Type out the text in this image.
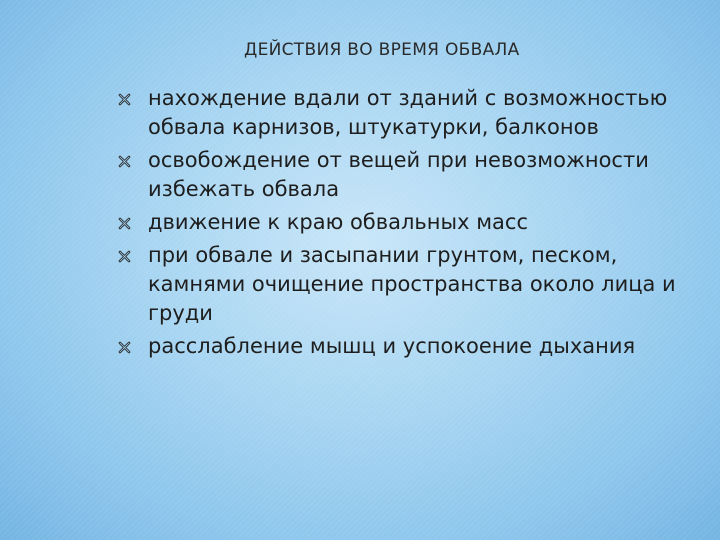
ДЕЙСТВИЯ ВО ВРЕМЯ ОБВАЛА
нахождение вдали от зданий с возможностью обвала карнизов, штукатурки, балконов
освобождение от вещей при невозможности избежать обвала
движение к краю обвальных масс
при обвале и засыпании грунтом, песком, камнями очищение пространства около лица и груди
расслабление мышц и успокоение дыхания
